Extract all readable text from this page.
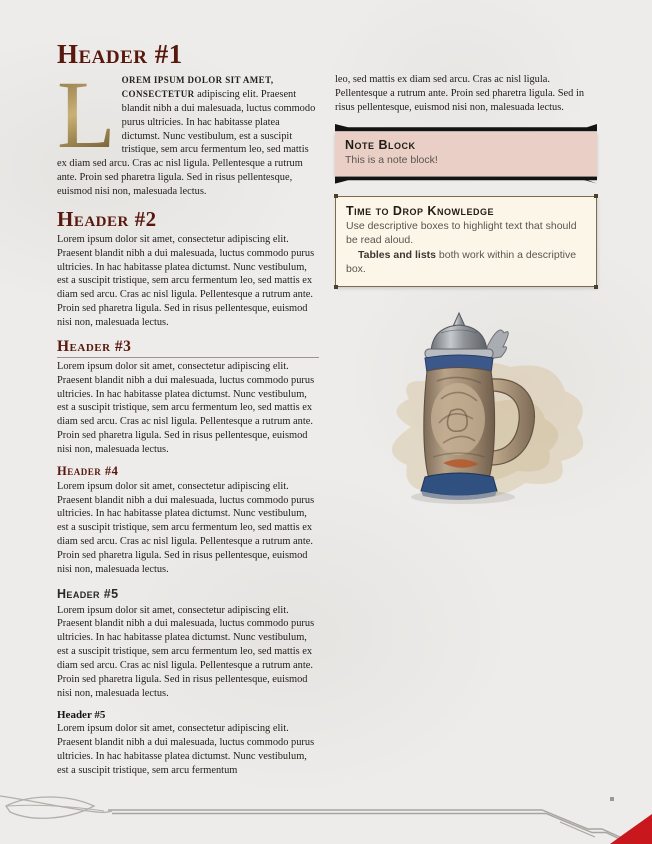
Header #1

L OREM IPSUM DOLOR SIT AMET, CONSECTETUR adipiscing elit. Praesent blandit nibh a dui malesuada, luctus commodo purus ultricies. In hac habitasse platea dictumst. Nunc vestibulum, est a suscipit tristique, sem arcu fermentum leo, sed mattis ex diam sed arcu. Cras ac nisl ligula. Pellentesque a rutrum ante. Proin sed pharetra ligula. Sed in risus pellentesque, euismod nisi non, malesuada lectus.

Header #2

Lorem ipsum dolor sit amet, consectetur adipiscing elit. Praesent blandit nibh a dui malesuada, luctus commodo purus ultricies. In hac habitasse platea dictumst. Nunc vestibulum, est a suscipit tristique, sem arcu fermentum leo, sed mattis ex diam sed arcu. Cras ac nisl ligula. Pellentesque a rutrum ante. Proin sed pharetra ligula. Sed in risus pellentesque, euismod nisi non, malesuada lectus.

Header #3

Lorem ipsum dolor sit amet, consectetur adipiscing elit. Praesent blandit nibh a dui malesuada, luctus commodo purus ultricies. In hac habitasse platea dictumst. Nunc vestibulum, est a suscipit tristique, sem arcu fermentum leo, sed mattis ex diam sed arcu. Cras ac nisl ligula. Pellentesque a rutrum ante. Proin sed pharetra ligula. Sed in risus pellentesque, euismod nisi non, malesuada lectus.

Header #4

Lorem ipsum dolor sit amet, consectetur adipiscing elit. Praesent blandit nibh a dui malesuada, luctus commodo purus ultricies. In hac habitasse platea dictumst. Nunc vestibulum, est a suscipit tristique, sem arcu fermentum leo, sed mattis ex diam sed arcu. Cras ac nisl ligula. Pellentesque a rutrum ante. Proin sed pharetra ligula. Sed in risus pellentesque, euismod nisi non, malesuada lectus.

Header #5

Lorem ipsum dolor sit amet, consectetur adipiscing elit. Praesent blandit nibh a dui malesuada, luctus commodo purus ultricies. In hac habitasse platea dictumst. Nunc vestibulum, est a suscipit tristique, sem arcu fermentum leo, sed mattis ex diam sed arcu. Cras ac nisl ligula. Pellentesque a rutrum ante. Proin sed pharetra ligula. Sed in risus pellentesque, euismod nisi non, malesuada lectus.

Header #5

Lorem ipsum dolor sit amet, consectetur adipiscing elit. Praesent blandit nibh a dui malesuada, luctus commodo purus ultricies. In hac habitasse platea dictumst. Nunc vestibulum, est a suscipit tristique, sem arcu fermentum

leo, sed mattis ex diam sed arcu. Cras ac nisl ligula. Pellentesque a rutrum ante. Proin sed pharetra ligula. Sed in risus pellentesque, euismod nisi non, malesuada lectus.

Note Block
This is a note block!
Time to Drop Knowledge

Use descriptive boxes to highlight text that should be read aloud.

Tables and lists both work within a descriptive box.
